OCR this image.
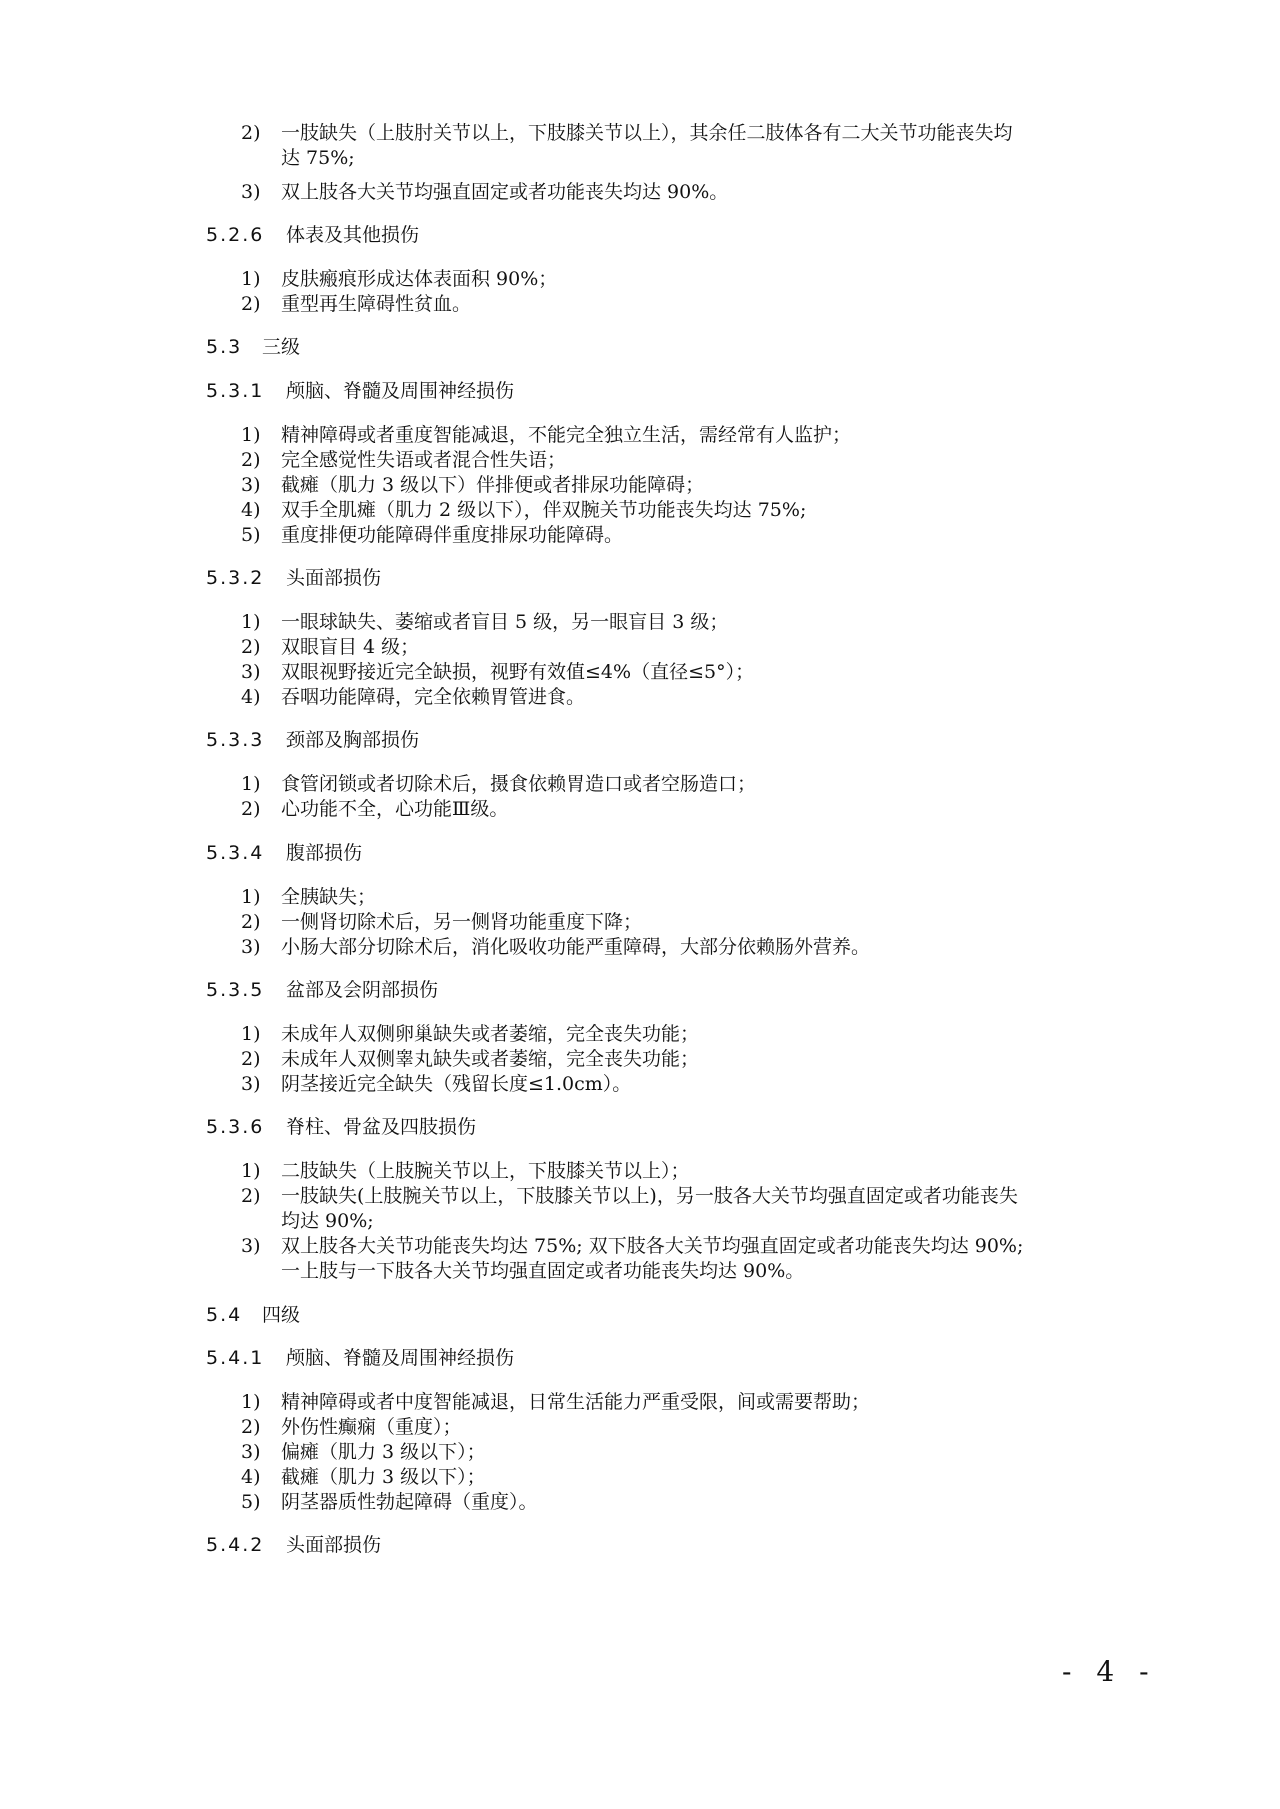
2) 一肢缺失（上肢肘关节以上，下肢膝关节以上），其余任二肢体各有二大关节功能丧失均
达 75%;
3) 双上肢各大关节均强直固定或者功能丧失均达 90%。
5.2.6 体表及其他损伤
1) 皮肤瘢痕形成达体表面积 90%；
2) 重型再生障碍性贫血。
5.3 三级
5.3.1 颅脑、脊髓及周围神经损伤
1) 精神障碍或者重度智能减退，不能完全独立生活，需经常有人监护；
2) 完全感觉性失语或者混合性失语；
3) 截瘫（肌力 3 级以下）伴排便或者排尿功能障碍；
4) 双手全肌瘫（肌力 2 级以下），伴双腕关节功能丧失均达 75%;
5) 重度排便功能障碍伴重度排尿功能障碍。
5.3.2 头面部损伤
1) 一眼球缺失、萎缩或者盲目 5 级，另一眼盲目 3 级；
2) 双眼盲目 4 级；
3) 双眼视野接近完全缺损，视野有效值≤4%（直径≤5°）；
4) 吞咽功能障碍，完全依赖胃管进食。
5.3.3 颈部及胸部损伤
1) 食管闭锁或者切除术后，摄食依赖胃造口或者空肠造口；
2) 心功能不全，心功能Ⅲ级。
5.3.4 腹部损伤
1) 全胰缺失；
2) 一侧肾切除术后，另一侧肾功能重度下降；
3) 小肠大部分切除术后，消化吸收功能严重障碍，大部分依赖肠外营养。
5.3.5 盆部及会阴部损伤
1) 未成年人双侧卵巢缺失或者萎缩，完全丧失功能；
2) 未成年人双侧睾丸缺失或者萎缩，完全丧失功能；
3) 阴茎接近完全缺失（残留长度≤1.0cm）。
5.3.6 脊柱、骨盆及四肢损伤
1) 二肢缺失（上肢腕关节以上，下肢膝关节以上）；
2) 一肢缺失(上肢腕关节以上，下肢膝关节以上)，另一肢各大关节均强直固定或者功能丧失
均达 90%;
3) 双上肢各大关节功能丧失均达 75%; 双下肢各大关节均强直固定或者功能丧失均达 90%;
一上肢与一下肢各大关节均强直固定或者功能丧失均达 90%。
5.4 四级
5.4.1 颅脑、脊髓及周围神经损伤
1) 精神障碍或者中度智能减退，日常生活能力严重受限，间或需要帮助；
2) 外伤性癫痫（重度）；
3) 偏瘫（肌力 3 级以下）；
4) 截瘫（肌力 3 级以下）；
5) 阴茎器质性勃起障碍（重度）。
5.4.2 头面部损伤
- 4 -
